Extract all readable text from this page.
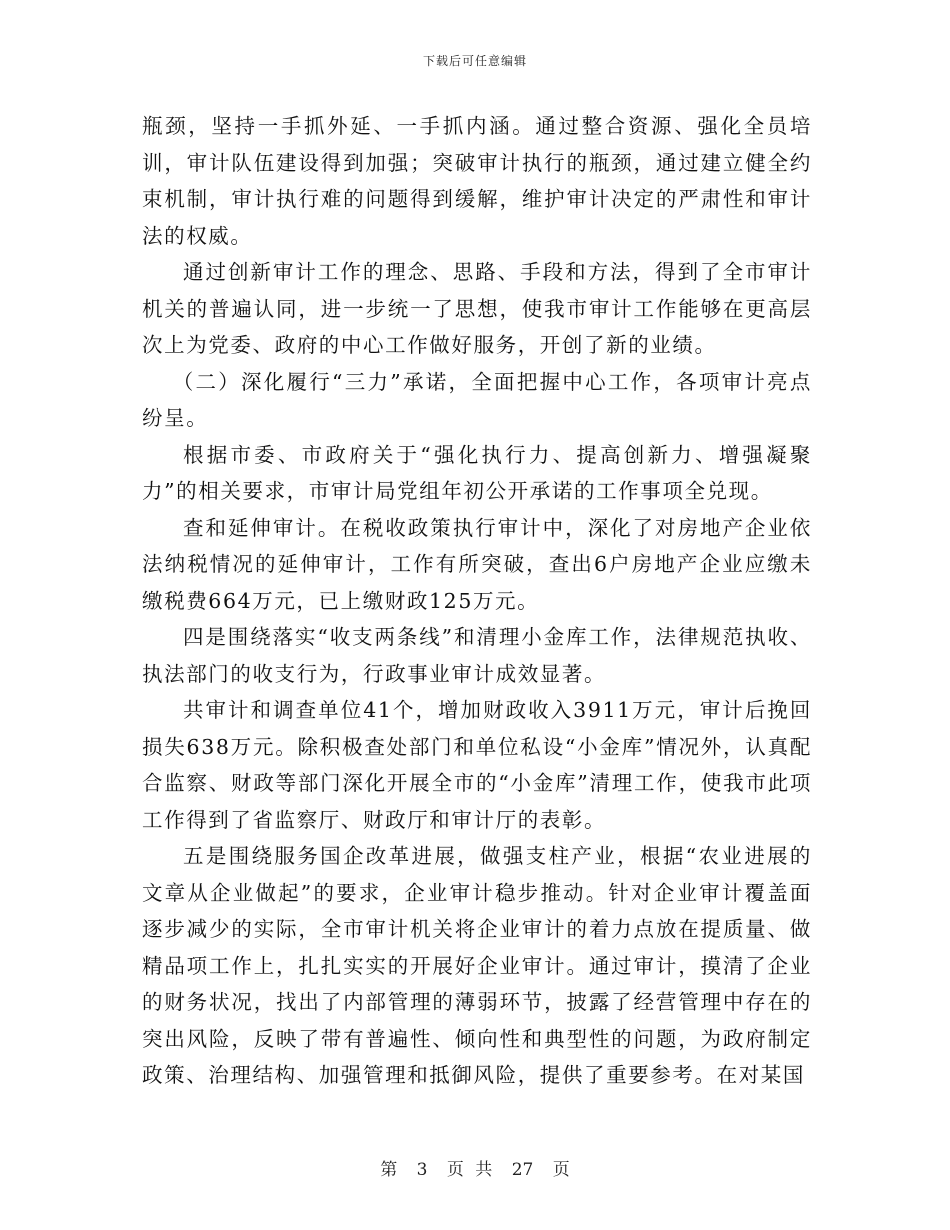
下载后可任意编辑

瓶颈，坚持一手抓外延、一手抓内涵。通过整合资源、强化全员培训，审计队伍建设得到加强；突破审计执行的瓶颈，通过建立健全约束机制，审计执行难的问题得到缓解，维护审计决定的严肃性和审计法的权威。

通过创新审计工作的理念、思路、手段和方法，得到了全市审计机关的普遍认同，进一步统一了思想，使我市审计工作能够在更高层次上为党委、政府的中心工作做好服务，开创了新的业绩。

（二）深化履行“三力”承诺，全面把握中心工作，各项审计亮点纷呈。

根据市委、市政府关于“强化执行力、提高创新力、增强凝聚力”的相关要求，市审计局党组年初公开承诺的工作事项全兑现。

查和延伸审计。在税收政策执行审计中，深化了对房地产企业依法纳税情况的延伸审计，工作有所突破，查出6户房地产企业应缴未缴税费664万元，已上缴财政125万元。

四是围绕落实“收支两条线”和清理小金库工作，法律规范执收、执法部门的收支行为，行政事业审计成效显著。

共审计和调查单位41个，增加财政收入3911万元，审计后挽回损失638万元。除积极查处部门和单位私设“小金库”情况外，认真配合监察、财政等部门深化开展全市的“小金库”清理工作，使我市此项工作得到了省监察厅、财政厅和审计厅的表彰。

五是围绕服务国企改革进展，做强支柱产业，根据“农业进展的文章从企业做起”的要求，企业审计稳步推动。针对企业审计覆盖面逐步减少的实际，全市审计机关将企业审计的着力点放在提质量、做精品项工作上，扎扎实实的开展好企业审计。通过审计，摸清了企业的财务状况，找出了内部管理的薄弱环节，披露了经营管理中存在的突出风险，反映了带有普遍性、倾向性和典型性的问题，为政府制定政策、治理结构、加强管理和抵御风险，提供了重要参考。在对某国

第 3 页 共 27 页
